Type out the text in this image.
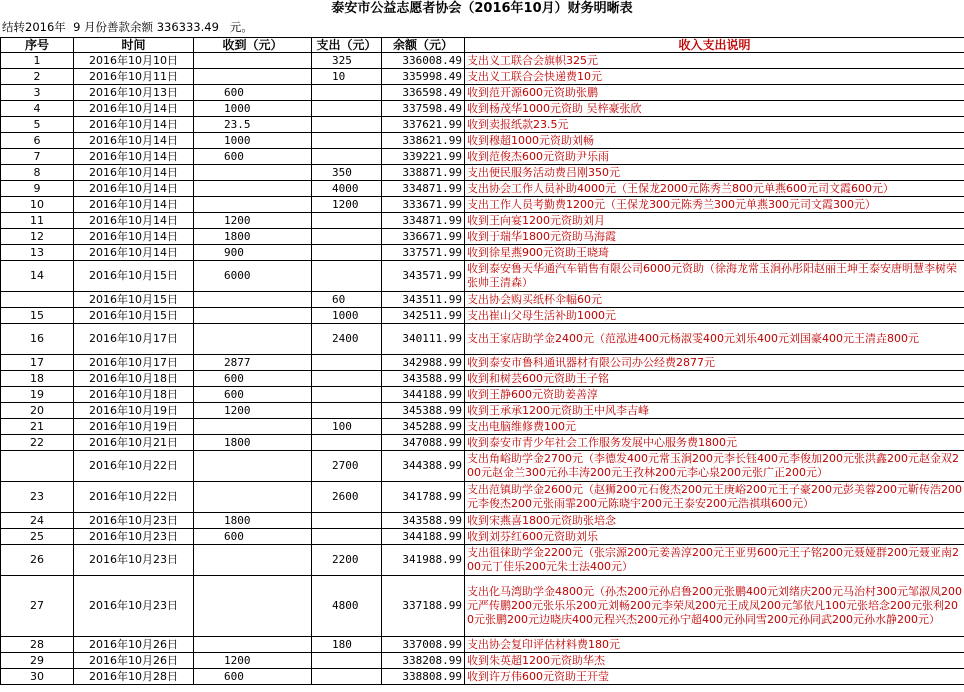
泰安市公益志愿者协会（2016年10月）财务明晰表
结转2016年  9 月份善款余额 336333.49   元。
序号	时间	收到（元）	支出（元）	余额（元）	收入支出说明
1	2016年10月10日		325	336008.49	支出义工联合会旗帜325元
2	2016年10月11日		10	335998.49	支出义工联合会快递费10元
3	2016年10月13日	600		336598.49	收到范开源600元资助张鹏
4	2016年10月14日	1000		337598.49	收到杨茂华1000元资助 吴梓豪张欣
5	2016年10月14日	23.5		337621.99	收到卖报纸款23.5元
6	2016年10月14日	1000		338621.99	收到穆超1000元资助刘畅
7	2016年10月14日	600		339221.99	收到范俊杰600元资助尹乐雨
8	2016年10月14日		350	338871.99	支出便民服务活动费吕刚350元
9	2016年10月14日		4000	334871.99	支出协会工作人员补助4000元（王保龙2000元陈秀兰800元单燕600元司文霞600元）
10	2016年10月14日		1200	333671.99	支出工作人员考勤费1200元（王保龙300元陈秀兰300元单燕300元司文霞300元）
11	2016年10月14日	1200		334871.99	收到王向宴1200元资助刘月
12	2016年10月14日	1800		336671.99	收到于瑞华1800元资助马海霞
13	2016年10月14日	900		337571.99	收到徐星燕900元资助王晓琦
14	2016年10月15日	6000		343571.99	收到泰安鲁天华通汽车销售有限公司6000元资助（徐海龙常玉涧孙彤阳赵丽王坤王泰安唐明慧李树荣张帅王清森）
	2016年10月15日		60	343511.99	支出协会购买纸杯伞幅60元
15	2016年10月15日		1000	342511.99	支出崔山父母生活补助1000元
16	2016年10月17日		2400	340111.99	支出王家店助学金2400元（范泓进400元杨淑雯400元刘乐400元刘国豪400元王清垚800元
17	2016年10月17日	2877		342988.99	收到泰安市鲁科通讯器材有限公司办公经费2877元
18	2016年10月18日	600		343588.99	收到和树芸600元资助王子铭
19	2016年10月18日	600		344188.99	收到王静600元资助姜善淳
20	2016年10月19日	1200		345388.99	收到王承承1200元资助王中风李吉峰
21	2016年10月19日		100	345288.99	支出电脑维修费100元
22	2016年10月21日	1800		347088.99	收到泰安市青少年社会工作服务发展中心服务费1800元
	2016年10月22日		2700	344388.99	支出角峪助学金2700元（李德发400元常玉涧200元李长钰400元李俊加200元张洪鑫200元赵金双200元赵金兰300元孙丰涛200元王孜林200元李心泉200元张广正200元）
23	2016年10月22日		2600	341788.99	支出范镇助学金2600元（赵狮200元石俊杰200元王庚峪200元王子豪200元彭美蓉200元靳传浩200元李俊杰200元张雨霏200元陈晓宇200元王泰安200元浩祺琪600元）
24	2016年10月23日	1800		343588.99	收到宋燕喜1800元资助张培念
25	2016年10月23日	600		344188.99	收到刘芬红600元资助刘乐
26	2016年10月23日		2200	341988.99	支出徂徕助学金2200元（张宗源200元姜善淳200元王亚男600元王子铭200元聂娅群200元聂亚南200元丁佳乐200元朱士法400元）
27	2016年10月23日		4800	337188.99	支出化马湾助学金4800元（孙杰200元孙启鲁200元张鹏400元刘绪庆200元马治村300元邹淑凤200元严传鹏200元张乐乐200元刘畅200元李荣凤200元王成凤200元邹依凡100元张培念200元张利200元张鹏200元边晓庆400元程兴杰200元孙宁超400元孙同雪200元孙同武200元孙水静200元）
28	2016年10月26日		180	337008.99	支出协会复印评估材料费180元
29	2016年10月26日	1200		338208.99	收到朱英超1200元资助华杰
30	2016年10月28日	600		338808.99	收到许万伟600元资助王开莹
